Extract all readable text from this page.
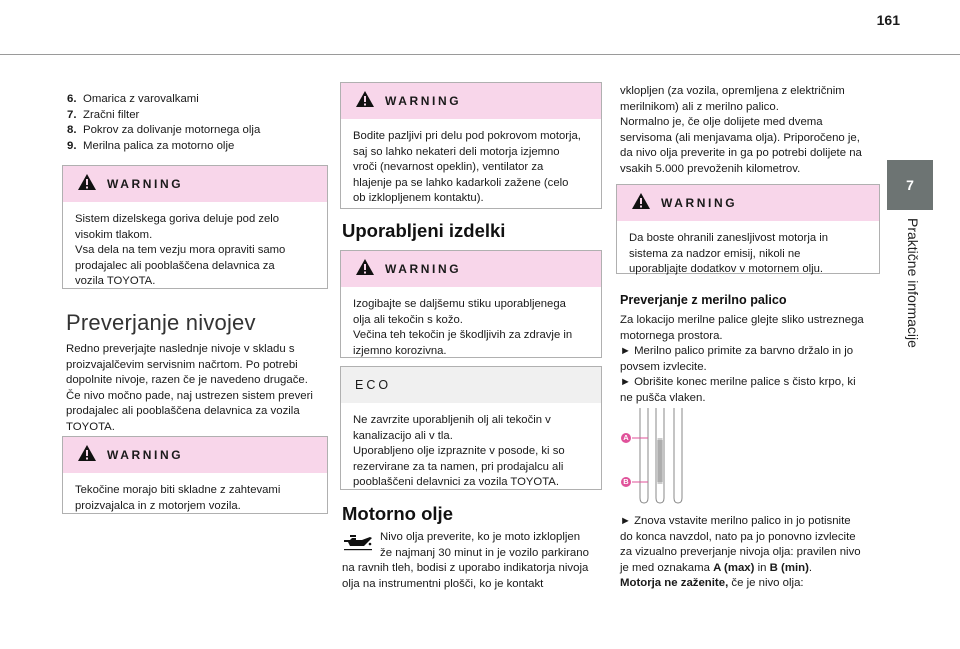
161
7
Praktične informacije
6. Omarica z varovalkami
7. Zračni filter
8. Pokrov za dolivanje motornega olja
9. Merilna palica za motorno olje
WARNING
Sistem dizelskega goriva deluje pod zelo
visokim tlakom.
Vsa dela na tem vezju mora opraviti samo
prodajalec ali pooblaščena delavnica za
vozila TOYOTA.
Preverjanje nivojev
Redno preverjajte naslednje nivoje v skladu s
proizvajalčevim servisnim načrtom. Po potrebi
dopolnite nivoje, razen če je navedeno drugače.
Če nivo močno pade, naj ustrezen sistem preveri
prodajalec ali pooblaščena delavnica za vozila
TOYOTA.
WARNING
Tekočine morajo biti skladne z zahtevami
proizvajalca in z motorjem vozila.
WARNING
Bodite pazljivi pri delu pod pokrovom motorja,
saj so lahko nekateri deli motorja izjemno
vroči (nevarnost opeklin), ventilator za
hlajenje pa se lahko kadarkoli zažene (celo
ob izklopljenem kontaktu).
Uporabljeni izdelki
WARNING
Izogibajte se daljšemu stiku uporabljenega
olja ali tekočin s kožo.
Večina teh tekočin je škodljivih za zdravje in
izjemno korozivna.
ECO
Ne zavrzite uporabljenih olj ali tekočin v
kanalizacijo ali v tla.
Uporabljeno olje izpraznite v posode, ki so
rezervirane za ta namen, pri prodajalcu ali
pooblaščeni delavnici za vozila TOYOTA.
Motorno olje
Nivo olja preverite, ko je moto izklopljen
že najmanj 30 minut in je vozilo parkirano
na ravnih tleh, bodisi z uporabo indikatorja nivoja
olja na instrumentni plošči, ko je kontakt
vklopljen (za vozila, opremljena z električnim
merilnikom) ali z merilno palico.
Normalno je, če olje dolijete med dvema
servisoma (ali menjavama olja). Priporočeno je,
da nivo olja preverite in ga po potrebi dolijete na
vsakih 5.000 prevoženih kilometrov.
WARNING
Da boste ohranili zanesljivost motorja in
sistema za nadzor emisij, nikoli ne
uporabljajte dodatkov v motornem olju.
Preverjanje z merilno palico
Za lokacijo merilne palice glejte sliko ustreznega
motornega prostora.
► Merilno palico primite za barvno držalo in jo
povsem izvlecite.
► Obrišite konec merilne palice s čisto krpo, ki
ne pušča vlaken.
A
B
► Znova vstavite merilno palico in jo potisnite
do konca navzdol, nato pa jo ponovno izvlecite
za vizualno preverjanje nivoja olja: pravilen nivo
je med oznakama A (max) in B (min).
Motorja ne zaženite, če je nivo olja:
